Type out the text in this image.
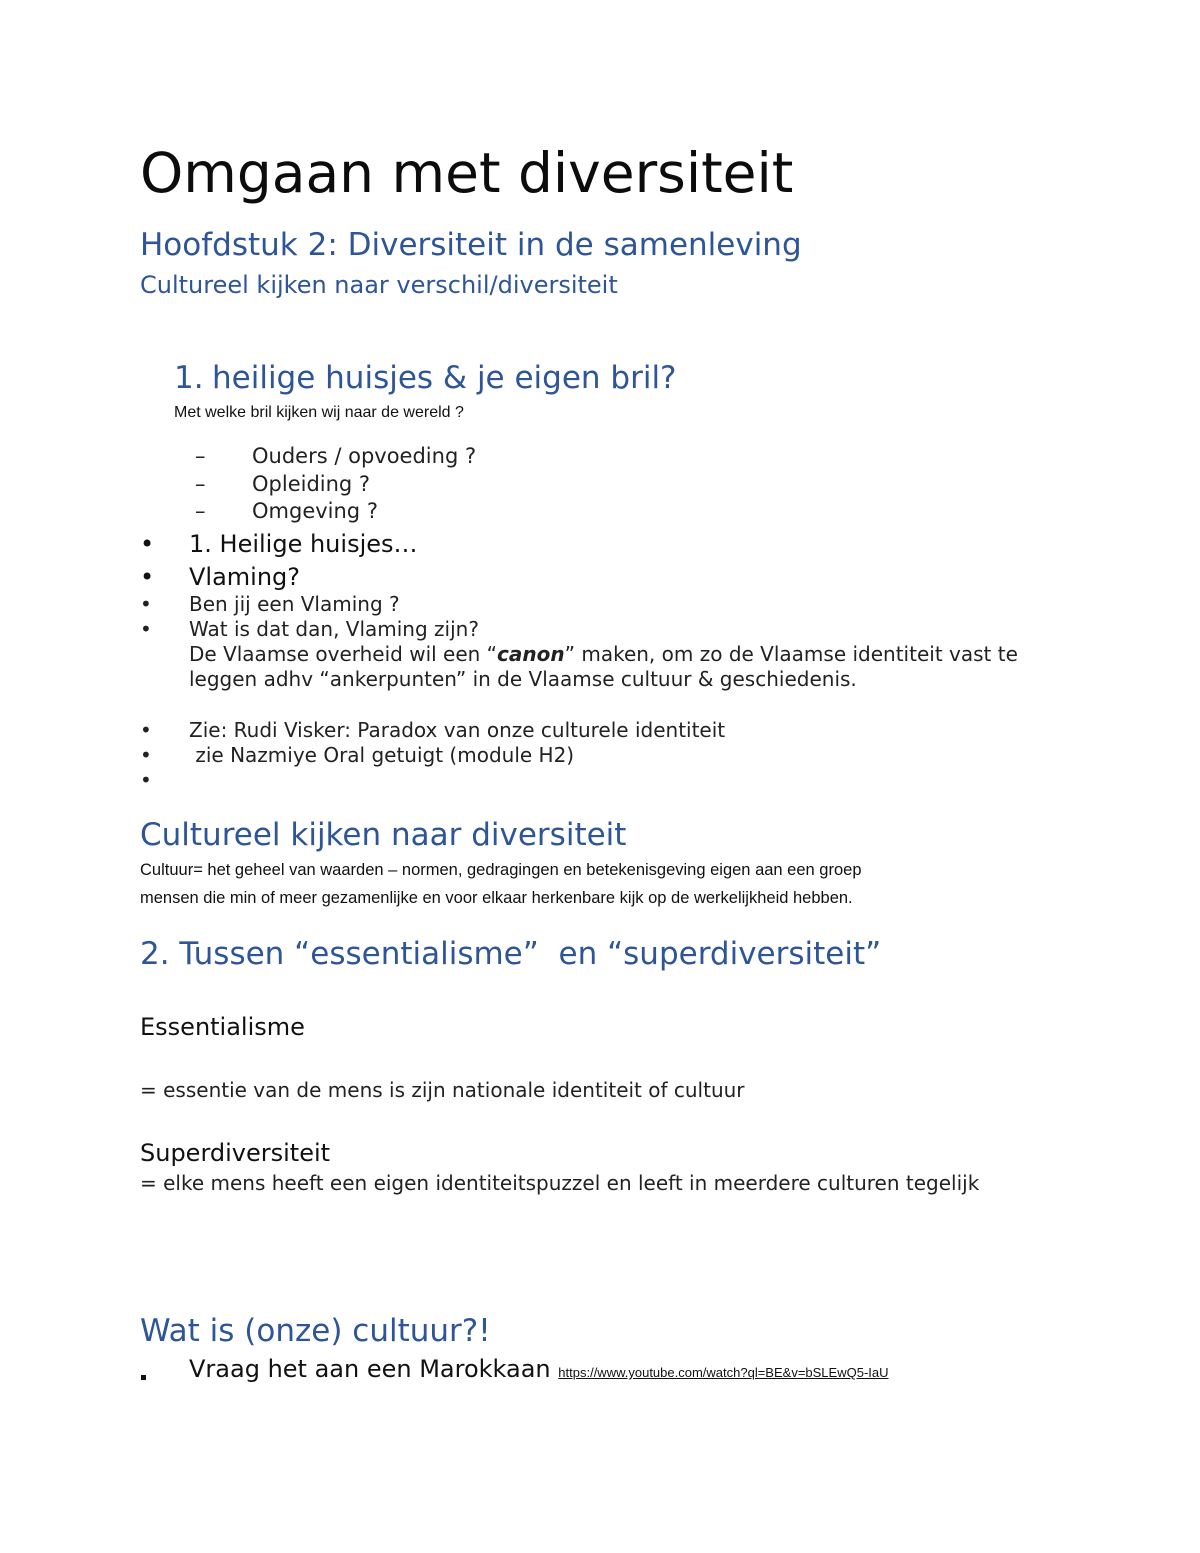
Omgaan met diversiteit
Hoofdstuk 2: Diversiteit in de samenleving
Cultureel kijken naar verschil/diversiteit
1. heilige huisjes & je eigen bril?
Met welke bril kijken wij naar de wereld ?
– Ouders / opvoeding ?
– Opleiding ?
– Omgeving ?
• 1. Heilige huisjes…
• Vlaming?
• Ben jij een Vlaming ?
• Wat is dat dan, Vlaming zijn?
De Vlaamse overheid wil een “canon” maken, om zo de Vlaamse identiteit vast te
leggen adhv “ankerpunten” in de Vlaamse cultuur & geschiedenis.
• Zie: Rudi Visker: Paradox van onze culturele identiteit
• zie Nazmiye Oral getuigt (module H2)
•
Cultureel kijken naar diversiteit
Cultuur= het geheel van waarden – normen, gedragingen en betekenisgeving eigen aan een groep
mensen die min of meer gezamenlijke en voor elkaar herkenbare kijk op de werkelijkheid hebben.
2. Tussen “essentialisme”  en “superdiversiteit”
Essentialisme
= essentie van de mens is zijn nationale identiteit of cultuur
Superdiversiteit
= elke mens heeft een eigen identiteitspuzzel en leeft in meerdere culturen tegelijk
Wat is (onze) cultuur?!
Vraag het aan een Marokkaan https://www.youtube.com/watch?ql=BE&v=bSLEwQ5-IaU
